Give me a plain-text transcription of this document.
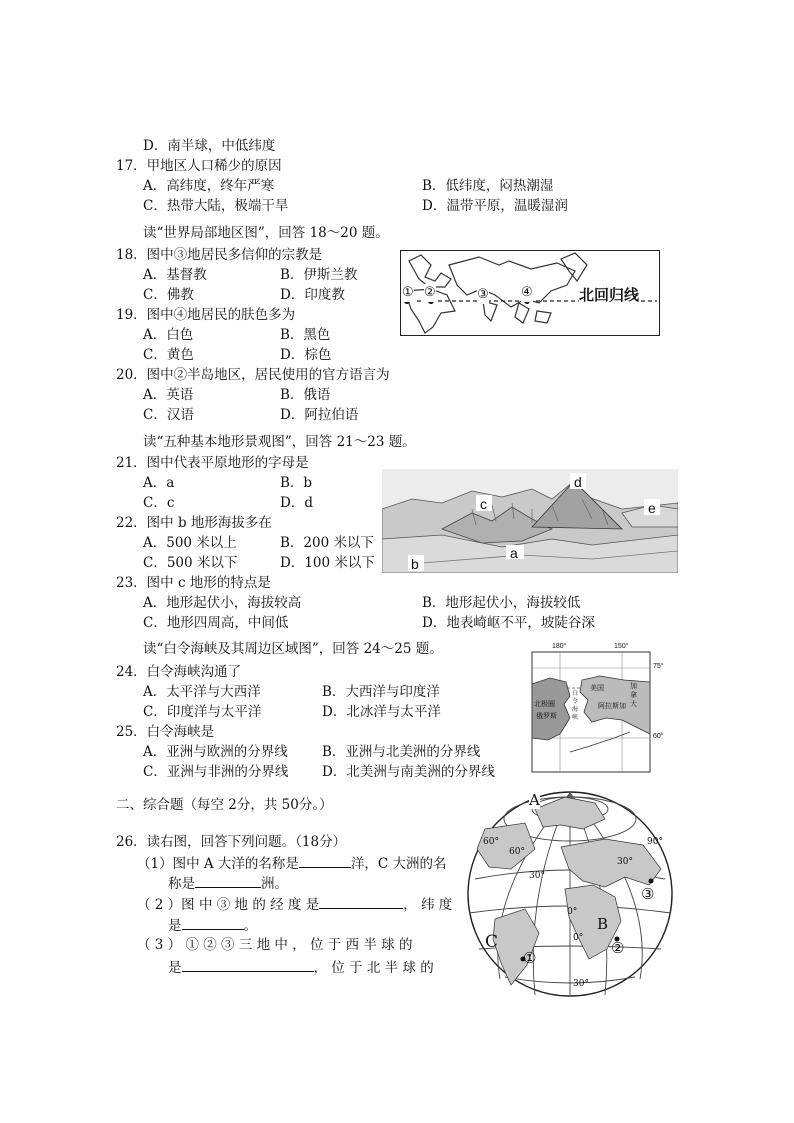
D．南半球，中低纬度
17．甲地区人口稀少的原因
A．高纬度，终年严寒	B．低纬度，闷热潮湿
C．热带大陆，极端干旱	D．温带平原，温暖湿润
读“世界局部地区图”，回答 18～20 题。
18．图中③地居民多信仰的宗教是
A．基督教	B．伊斯兰教
C．佛教	D．印度教
19．图中④地居民的肤色多为
A．白色	B．黑色
C．黄色	D．棕色
20．图中②半岛地区，居民使用的官方语言为
A．英语	B．俄语
C．汉语	D．阿拉伯语
① ②	③ ④	北回归线
读“五种基本地形景观图”，回答 21～23 题。
21．图中代表平原地形的字母是
A．a	B．b
C．c	D．d
22．图中 b 地形海拔多在
A．500 米以上	B．200 米以下
C．500 米以下	D．100 米以下
a
b
c
d
e
23．图中 c 地形的特点是
A．地形起伏小，海拔较高	B．地形起伏小，海拔较低
C．地形四周高，中间低	D．地表崎岖不平，坡陡谷深
读“白令海峡及其周边区域图”，回答 24～25 题。
24．白令海峡沟通了
A．太平洋与大西洋	B．大西洋与印度洋
C．印度洋与太平洋	D．北冰洋与太平洋
25．白令海峡是
A．亚洲与欧洲的分界线	B．亚洲与北美洲的分界线
C．亚洲与非洲的分界线 D．北美洲与南美洲的分界线
180°	150°
75°
60°
北极圈
俄罗斯
白令海峡
美国
阿拉斯加
加拿大
二、综合题（每空 2分，共 50分。）
26．读右图，回答下列问题。（18分）
（1）图中 A 大洋的名称是	洋，C 大洲的名
称是	洲。
（ 2 ）图 中 ③ 地 的 经 度 是	， 纬 度
是	。
（ 3 ） ① ② ③ 三 地 中 ， 位 于 西 半 球 的
是	， 位 于 北 半 球 的
A
B
C
①
②
③
60°
60°
30°
0°
30°
90°
0°
30°
